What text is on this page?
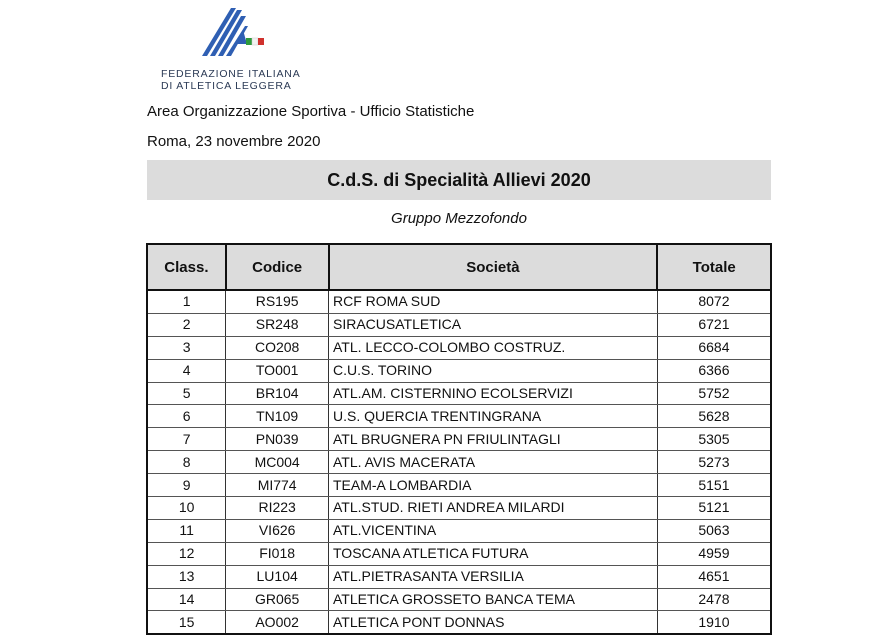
FEDERAZIONE ITALIANA
DI ATLETICA LEGGERA
Area Organizzazione Sportiva - Ufficio Statistiche
Roma, 23 novembre 2020
C.d.S. di Specialità Allievi 2020
Gruppo Mezzofondo
Class.	Codice	Società	Totale
1	RS195	RCF ROMA SUD	8072
2	SR248	SIRACUSATLETICA	6721
3	CO208	ATL. LECCO-COLOMBO COSTRUZ.	6684
4	TO001	C.U.S. TORINO	6366
5	BR104	ATL.AM. CISTERNINO ECOLSERVIZI	5752
6	TN109	U.S. QUERCIA TRENTINGRANA	5628
7	PN039	ATL BRUGNERA PN FRIULINTAGLI	5305
8	MC004	ATL. AVIS MACERATA	5273
9	MI774	TEAM-A LOMBARDIA	5151
10	RI223	ATL.STUD. RIETI ANDREA MILARDI	5121
11	VI626	ATL.VICENTINA	5063
12	FI018	TOSCANA ATLETICA FUTURA	4959
13	LU104	ATL.PIETRASANTA VERSILIA	4651
14	GR065	ATLETICA GROSSETO BANCA TEMA	2478
15	AO002	ATLETICA PONT DONNAS	1910
